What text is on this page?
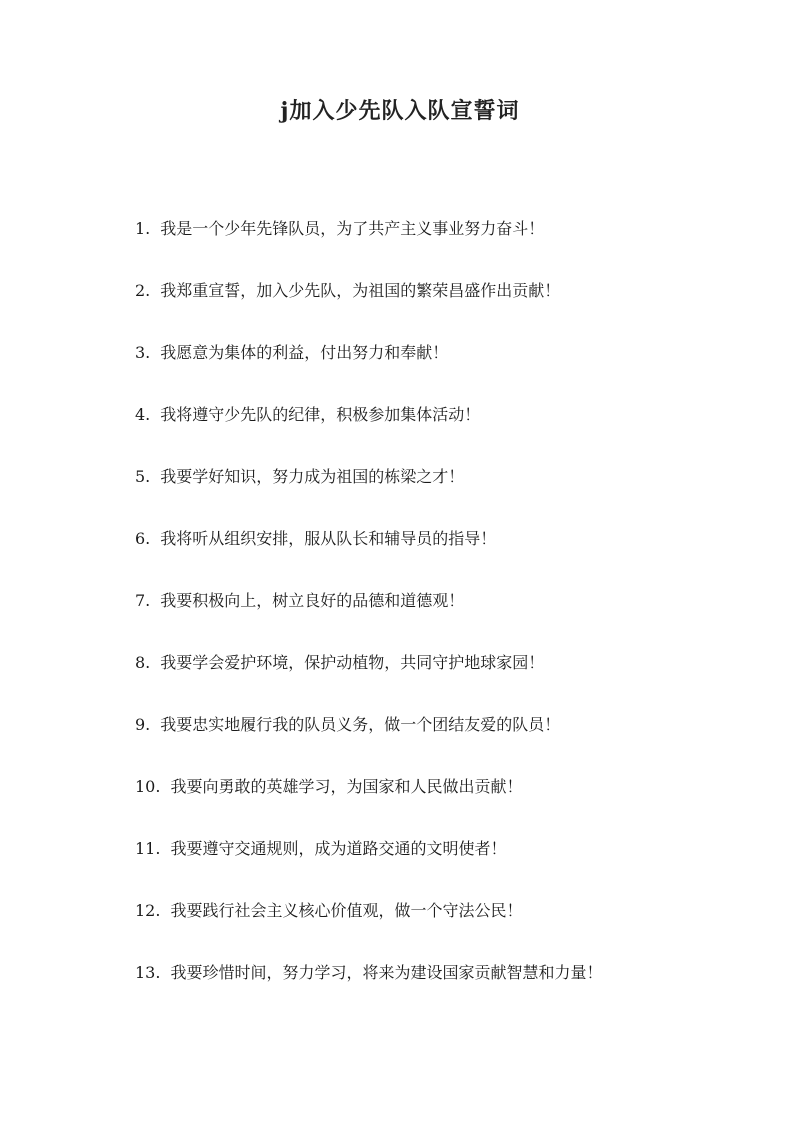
j加入少先队入队宣誓词
1. 我是一个少年先锋队员，为了共产主义事业努力奋斗！
2. 我郑重宣誓，加入少先队，为祖国的繁荣昌盛作出贡献！
3. 我愿意为集体的利益，付出努力和奉献！
4. 我将遵守少先队的纪律，积极参加集体活动！
5. 我要学好知识，努力成为祖国的栋梁之才！
6. 我将听从组织安排，服从队长和辅导员的指导！
7. 我要积极向上，树立良好的品德和道德观！
8. 我要学会爱护环境，保护动植物，共同守护地球家园！
9. 我要忠实地履行我的队员义务，做一个团结友爱的队员！
10. 我要向勇敢的英雄学习，为国家和人民做出贡献！
11. 我要遵守交通规则，成为道路交通的文明使者！
12. 我要践行社会主义核心价值观，做一个守法公民！
13. 我要珍惜时间，努力学习，将来为建设国家贡献智慧和力量！
